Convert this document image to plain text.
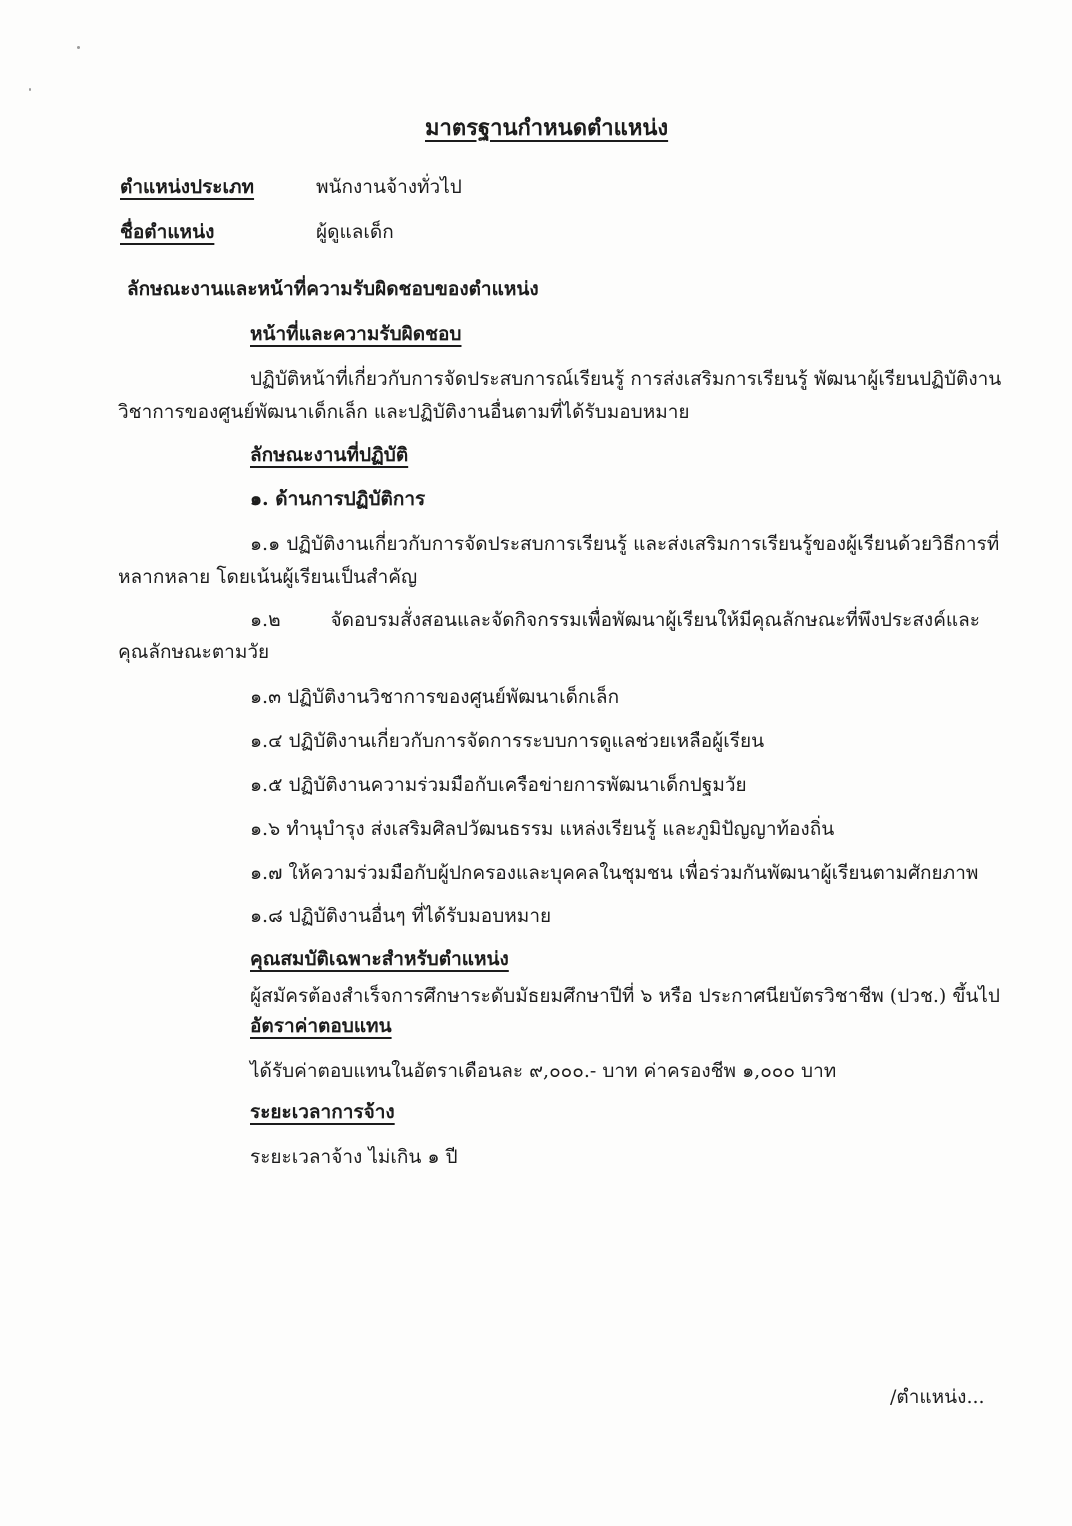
มาตรฐานกำหนดตำแหน่ง
ตำแหน่งประเภท	พนักงานจ้างทั่วไป
ชื่อตำแหน่ง	ผู้ดูแลเด็ก
ลักษณะงานและหน้าที่ความรับผิดชอบของตำแหน่ง
หน้าที่และความรับผิดชอบ
ปฏิบัติหน้าที่เกี่ยวกับการจัดประสบการณ์เรียนรู้ การส่งเสริมการเรียนรู้ พัฒนาผู้เรียนปฏิบัติงาน
วิชาการของศูนย์พัฒนาเด็กเล็ก และปฏิบัติงานอื่นตามที่ได้รับมอบหมาย
ลักษณะงานที่ปฏิบัติ
๑. ด้านการปฏิบัติการ
๑.๑ ปฏิบัติงานเกี่ยวกับการจัดประสบการเรียนรู้ และส่งเสริมการเรียนรู้ของผู้เรียนด้วยวิธีการที่
หลากหลาย โดยเน้นผู้เรียนเป็นสำคัญ
๑.๒ จัดอบรมสั่งสอนและจัดกิจกรรมเพื่อพัฒนาผู้เรียนให้มีคุณลักษณะที่พึงประสงค์และ
คุณลักษณะตามวัย
๑.๓ ปฏิบัติงานวิชาการของศูนย์พัฒนาเด็กเล็ก
๑.๔ ปฏิบัติงานเกี่ยวกับการจัดการระบบการดูแลช่วยเหลือผู้เรียน
๑.๕ ปฏิบัติงานความร่วมมือกับเครือข่ายการพัฒนาเด็กปฐมวัย
๑.๖ ทำนุบำรุง ส่งเสริมศิลปวัฒนธรรม แหล่งเรียนรู้ และภูมิปัญญาท้องถิ่น
๑.๗ ให้ความร่วมมือกับผู้ปกครองและบุคคลในชุมชน เพื่อร่วมกันพัฒนาผู้เรียนตามศักยภาพ
๑.๘ ปฏิบัติงานอื่นๆ ที่ได้รับมอบหมาย
คุณสมบัติเฉพาะสำหรับตำแหน่ง
ผู้สมัครต้องสำเร็จการศึกษาระดับมัธยมศึกษาปีที่ ๖ หรือ ประกาศนียบัตรวิชาชีพ (ปวช.) ขึ้นไป
อัตราค่าตอบแทน
ได้รับค่าตอบแทนในอัตราเดือนละ ๙,๐๐๐.- บาท ค่าครองชีพ ๑,๐๐๐ บาท
ระยะเวลาการจ้าง
ระยะเวลาจ้าง ไม่เกิน ๑ ปี
/ตำแหน่ง...
